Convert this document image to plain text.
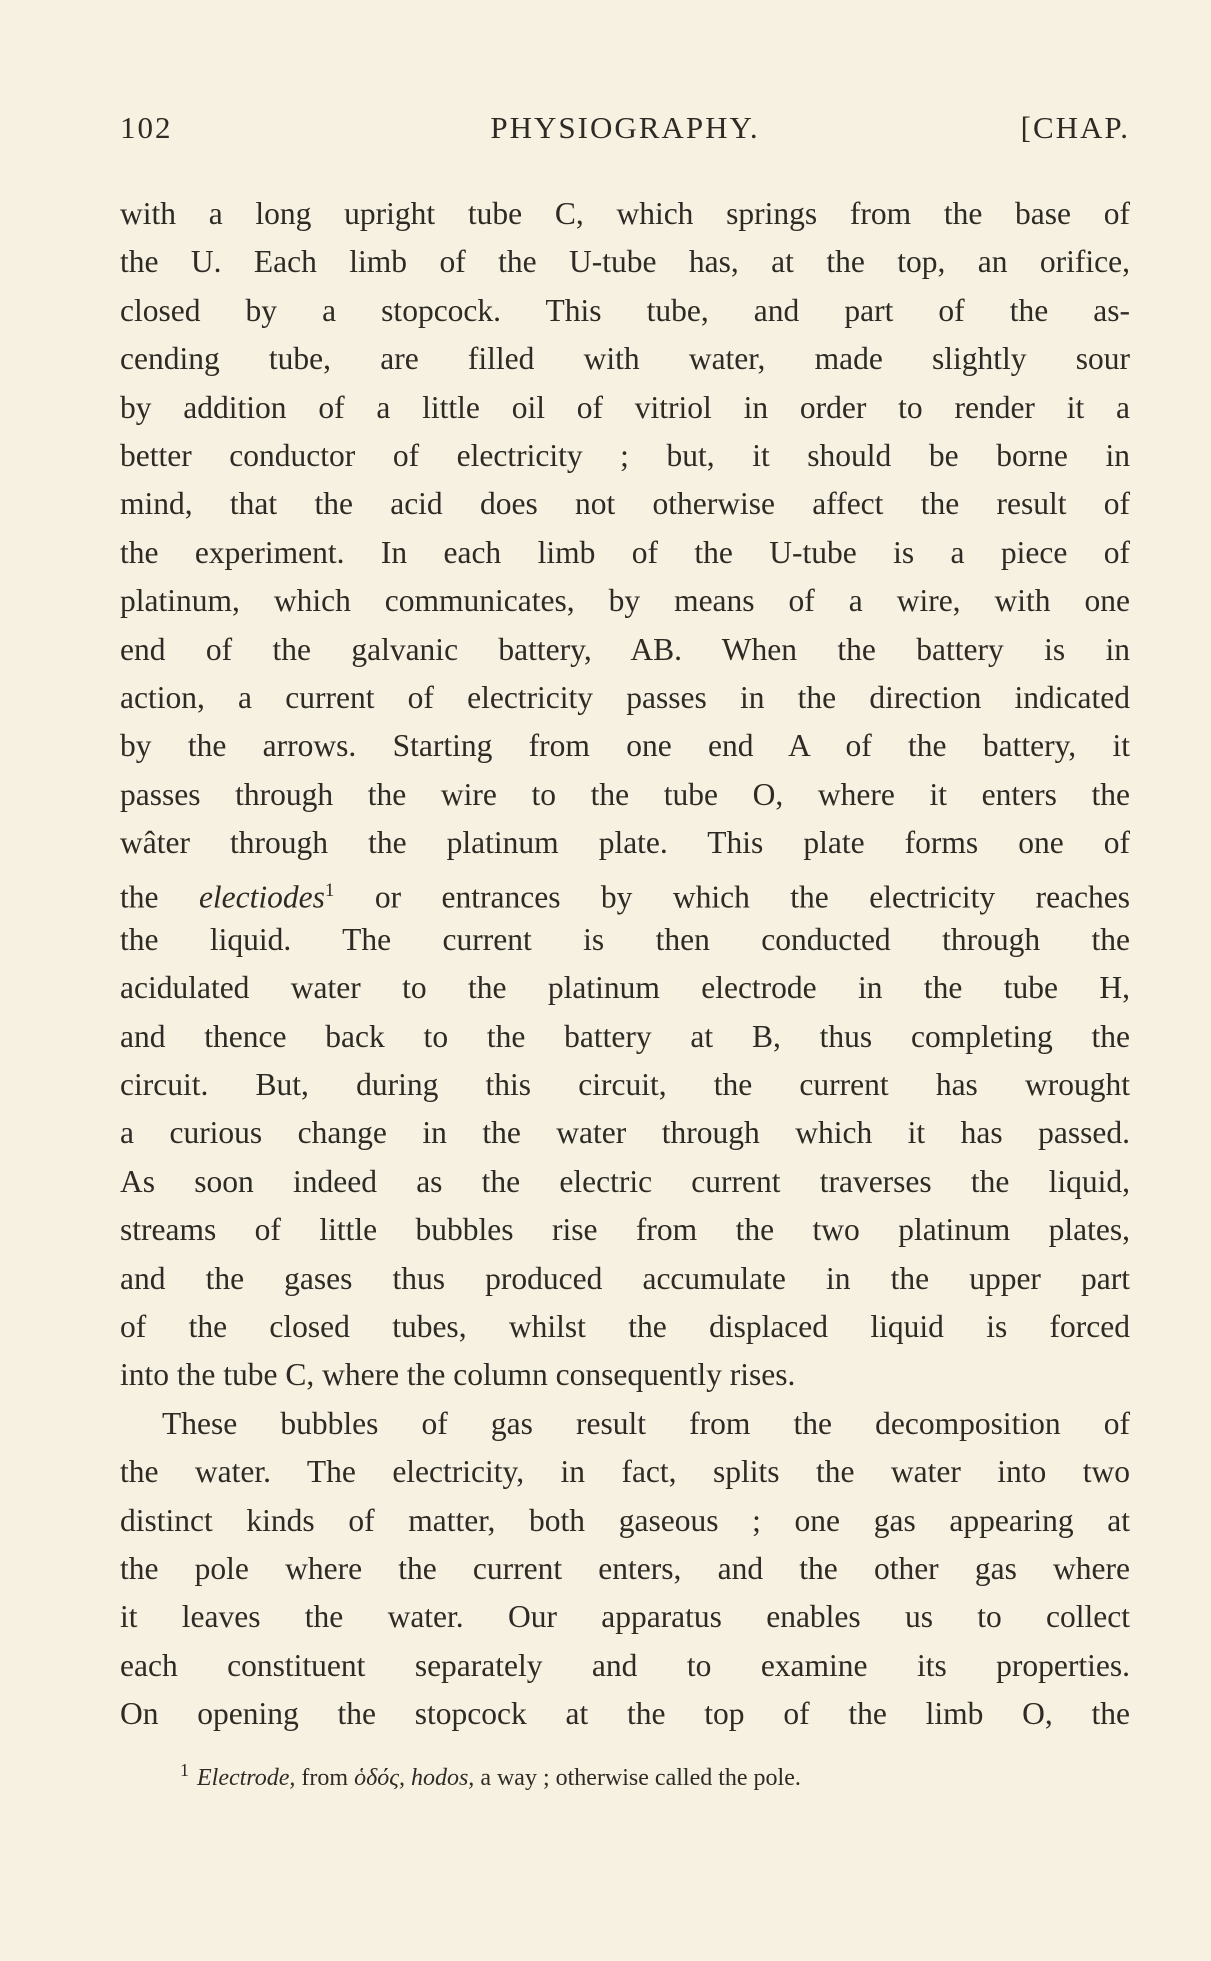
102	PHYSIOGRAPHY.	[CHAP.
with a long upright tube C, which springs from the base of
the U. Each limb of the U-tube has, at the top, an orifice,
closed by a stopcock. This tube, and part of the as-
cending tube, are filled with water, made slightly sour
by addition of a little oil of vitriol in order to render it a
better conductor of electricity ; but, it should be borne in
mind, that the acid does not otherwise affect the result of
the experiment. In each limb of the U-tube is a piece of
platinum, which communicates, by means of a wire, with one
end of the galvanic battery, AB. When the battery is in
action, a current of electricity passes in the direction indicated
by the arrows. Starting from one end A of the battery, it
passes through the wire to the tube O, where it enters the
wâter through the platinum plate. This plate forms one of
the electiodes$^1$ or entrances by which the electricity reaches
the liquid. The current is then conducted through the
acidulated water to the platinum electrode in the tube H,
and thence back to the battery at B, thus completing the
circuit. But, during this circuit, the current has wrought
a curious change in the water through which it has passed.
As soon indeed as the electric current traverses the liquid,
streams of little bubbles rise from the two platinum plates,
and the gases thus produced accumulate in the upper part
of the closed tubes, whilst the displaced liquid is forced
into the tube C, where the column consequently rises.
These bubbles of gas result from the decomposition of
the water. The electricity, in fact, splits the water into two
distinct kinds of matter, both gaseous ; one gas appearing at
the pole where the current enters, and the other gas where
it leaves the water. Our apparatus enables us to collect
each constituent separately and to examine its properties.
On opening the stopcock at the top of the limb O, the
$^1$ Electrode, from ὁδός, hodos, a way ; otherwise called the pole.
